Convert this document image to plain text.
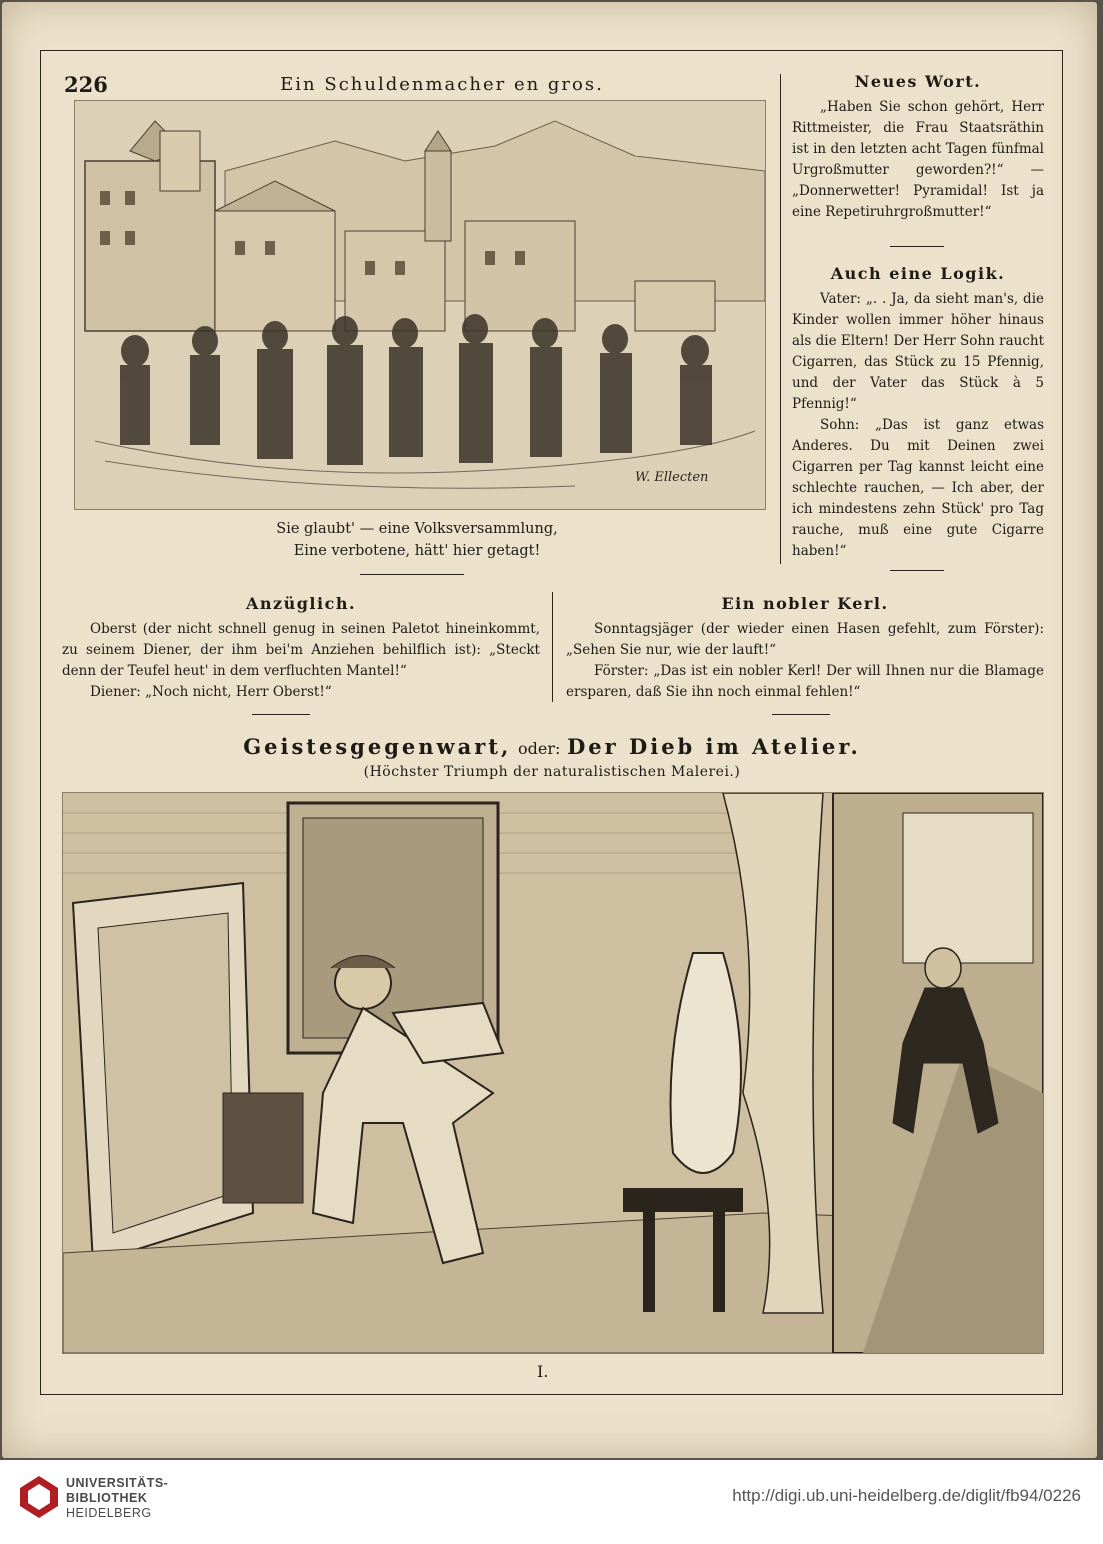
226	Ein Schuldenmacher en gros.
W. Ellecten
Sie glaubt' — eine Volksversammlung,
Eine verbotene, hätt' hier getagt!
Neues Wort.

„Haben Sie schon gehört, Herr Rittmeister, die Frau Staatsräthin ist in den letzten acht Tagen fünfmal Urgroßmutter geworden?!“ — „Donnerwetter! Pyramidal! Ist ja eine Repetiruhrgroßmutter!“

Auch eine Logik.

Vater: „. . Ja, da sieht man's, die Kinder wollen immer höher hinaus als die Eltern! Der Herr Sohn raucht Cigarren, das Stück zu 15 Pfennig, und der Vater das Stück à 5 Pfennig!“

Sohn: „Das ist ganz etwas Anderes. Du mit Deinen zwei Cigarren per Tag kannst leicht eine schlechte rauchen, — Ich aber, der ich mindestens zehn Stück' pro Tag rauche, muß eine gute Cigarre haben!“

Anzüglich.

Oberst (der nicht schnell genug in seinen Paletot hineinkommt, zu seinem Diener, der ihm bei'm Anziehen behilflich ist): „Steckt denn der Teufel heut' in dem verfluchten Mantel!“

Diener: „Noch nicht, Herr Oberst!“

Ein nobler Kerl.

Sonntagsjäger (der wieder einen Hasen gefehlt, zum Förster): „Sehen Sie nur, wie der lauft!“

Förster: „Das ist ein nobler Kerl! Der will Ihnen nur die Blamage ersparen, daß Sie ihn noch einmal fehlen!“

Geistesgegenwart, oder: Der Dieb im Atelier.
(Höchster Triumph der naturalistischen Malerei.)
I.
UNIVERSITÄTS-
BIBLIOTHEK
HEIDELBERG
http://digi.ub.uni-heidelberg.de/diglit/fb94/0226
